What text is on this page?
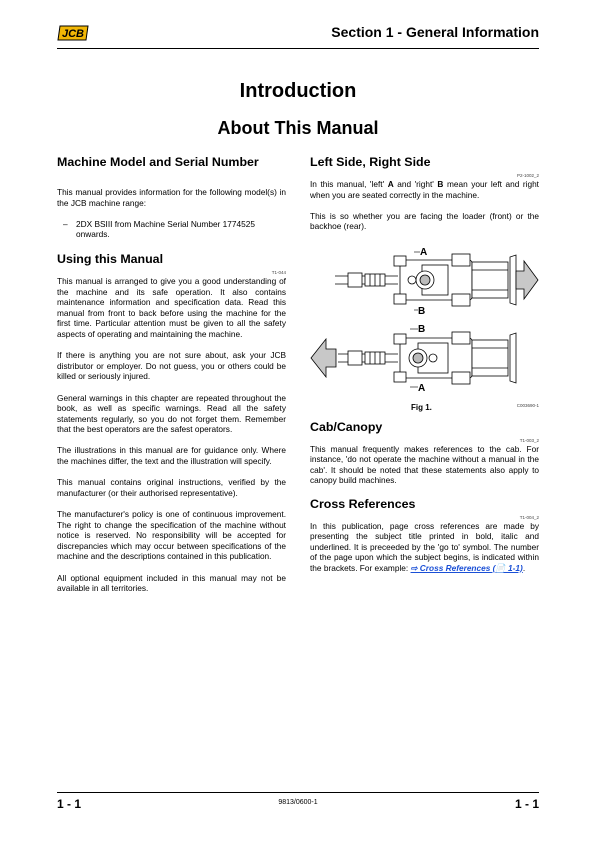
JCB	Section 1 - General Information
Introduction
About This Manual
Machine Model and Serial Number

This manual provides information for the following model(s) in the JCB machine range:

–	2DX BSIII from Machine Serial Number 1774525 onwards.
Using this Manual
T1-044

This manual is arranged to give you a good understanding of the machine and its safe operation. It also contains maintenance information and specification data. Read this manual from front to back before using the machine for the first time. Particular attention must be given to all the safety aspects of operating and maintaining the machine.

If there is anything you are not sure about, ask your JCB distributor or employer. Do not guess, you or others could be killed or seriously injured.

General warnings in this chapter are repeated throughout the book, as well as specific warnings. Read all the safety statements regularly, so you do not forget them. Remember that the best operators are the safest operators.

The illustrations in this manual are for guidance only. Where the machines differ, the text and the illustration will specify.

This manual contains original instructions, verified by the manufacturer (or their authorised representative).

The manufacturer's policy is one of continuous improvement. The right to change the specification of the machine without notice is reserved. No responsibility will be accepted for discrepancies which may occur between specifications of the machine and the descriptions contained in this publication.

All optional equipment included in this manual may not be available in all territories.

Left Side, Right Side
P2-1002_2

In this manual, 'left' A and 'right' B mean your left and right when you are seated correctly in the machine.

This is so whether you are facing the loader (front) or the backhoe (rear).

A
B
B
A
Fig 1.	C003690-1
Cab/Canopy
T1-003_2

This manual frequently makes references to the cab. For instance, 'do not operate the machine without a manual in the cab'. It should be noted that these statements also apply to canopy build machines.

Cross References
T1-004_2

In this publication, page cross references are made by presenting the subject title printed in bold, italic and underlined. It is preceeded by the 'go to' symbol. The number of the page upon which the subject begins, is indicated within the brackets. For example: ⇨ Cross References (📄 1-1).

1 - 1	9813/0600-1	1 - 1
